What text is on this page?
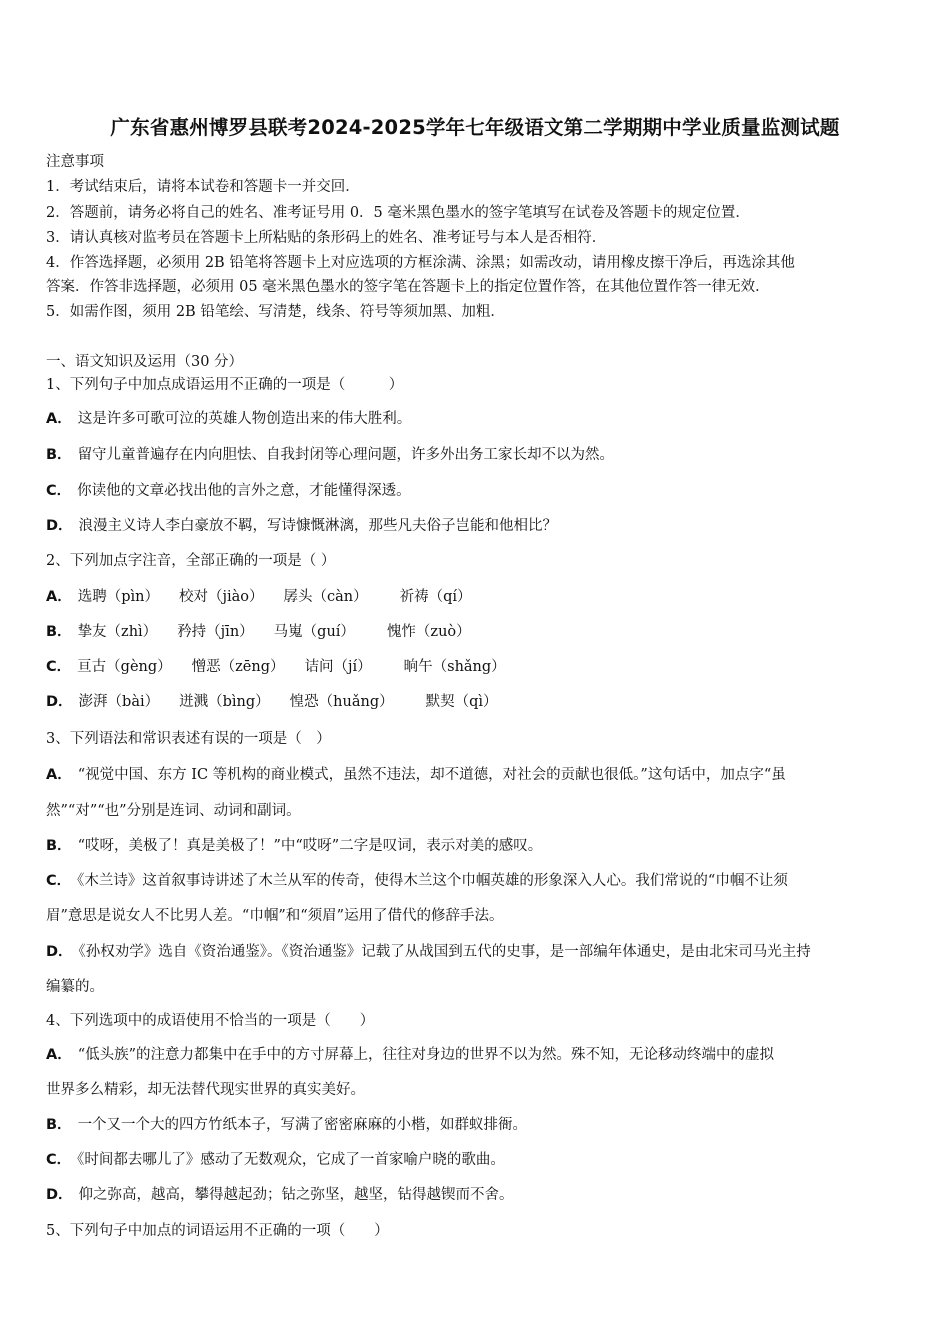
广东省惠州博罗县联考2024-2025学年七年级语文第二学期期中学业质量监测试题
注意事项
1．考试结束后，请将本试卷和答题卡一并交回．
2．答题前，请务必将自己的姓名、准考证号用 0．5 毫米黑色墨水的签字笔填写在试卷及答题卡的规定位置．
3．请认真核对监考员在答题卡上所粘贴的条形码上的姓名、准考证号与本人是否相符．
4．作答选择题，必须用 2B 铅笔将答题卡上对应选项的方框涂满、涂黑；如需改动，请用橡皮擦干净后，再选涂其他
答案．作答非选择题，必须用 05 毫米黑色墨水的签字笔在答题卡上的指定位置作答，在其他位置作答一律无效．
5．如需作图，须用 2B 铅笔绘、写清楚，线条、符号等须加黑、加粗．
一、语文知识及运用（30 分）
1、下列句子中加点成语运用不正确的一项是（　　　）
A． 这是许多可歌可泣的英雄人物创造出来的伟大胜利。
B． 留守儿童普遍存在内向胆怯、自我封闭等心理问题，许多外出务工家长却不以为然。
C． 你读他的文章必找出他的言外之意，才能懂得深透。
D． 浪漫主义诗人李白豪放不羁，写诗慷慨淋漓，那些凡夫俗子岂能和他相比？
2、下列加点字注音，全部正确的一项是（ ）
A． 选聘（pìn） 校对（jiào） 孱头（càn） 祈祷（qí）
B． 挚友（zhì） 矜持（jīn） 马嵬（guí） 愧怍（zuò）
C． 亘古（gèng） 憎恶（zēng） 诘问（jí） 晌午（shǎng）
D． 澎湃（bài） 迸溅（bìng） 惶恐（huǎng） 默契（qì）
3、下列语法和常识表述有误的一项是（　）
A． “视觉中国、东方 IC 等机构的商业模式，虽然不违法，却不道德，对社会的贡献也很低。”这句话中，加点字“虽
然”“对”“也”分别是连词、动词和副词。
B． “哎呀，美极了！真是美极了！”中“哎呀”二字是叹词，表示对美的感叹。
C． 《木兰诗》这首叙事诗讲述了木兰从军的传奇，使得木兰这个巾帼英雄的形象深入人心。我们常说的“巾帼不让须
眉”意思是说女人不比男人差。“巾帼”和“须眉”运用了借代的修辞手法。
D． 《孙权劝学》选自《资治通鉴》。《资治通鉴》记载了从战国到五代的史事，是一部编年体通史，是由北宋司马光主持
编纂的。
4、下列选项中的成语使用不恰当的一项是（　　）
A． “低头族”的注意力都集中在手中的方寸屏幕上，往往对身边的世界不以为然。殊不知，无论移动终端中的虚拟
世界多么精彩，却无法替代现实世界的真实美好。
B． 一个又一个大的四方竹纸本子，写满了密密麻麻的小楷，如群蚁排衙。
C． 《时间都去哪儿了》感动了无数观众，它成了一首家喻户晓的歌曲。
D． 仰之弥高，越高，攀得越起劲；钻之弥坚，越坚，钻得越锲而不舍。
5、下列句子中加点的词语运用不正确的一项（　　）
